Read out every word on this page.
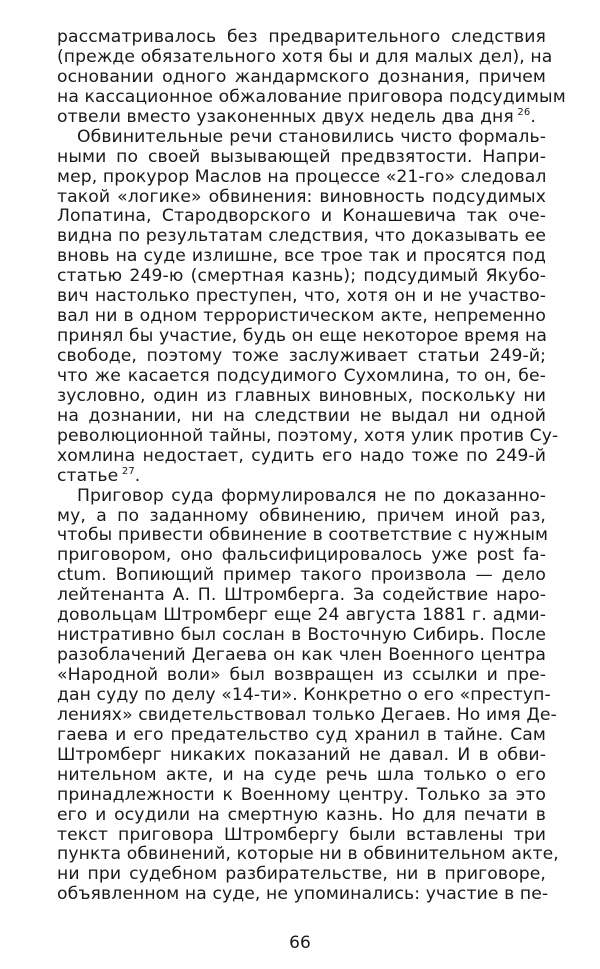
рассматривалось без предварительного следствия
(прежде обязательного хотя бы и для малых дел), на
основании одного жандармского дознания, причем
на кассационное обжалование приговора подсудимым
отвели вместо узаконенных двух недель два дня  $^{26}$.
Обвинительные речи становились чисто формаль-
ными по своей вызывающей предвзятости. Напри-
мер, прокурор Маслов на процессе «21-го» следовал
такой «логике» обвинения: виновность подсудимых
Лопатина, Стародворского и Конашевича так оче-
видна по результатам следствия, что доказывать ее
вновь на суде излишне, все трое так и просятся под
статью 249-ю (смертная казнь); подсудимый Якубо-
вич настолько преступен, что, хотя он и не участво-
вал ни в одном террористическом акте, непременно
принял бы участие, будь он еще некоторое время на
свободе, поэтому тоже заслуживает статьи 249-й;
что же касается подсудимого Сухомлина, то он, бе-
зусловно, один из главных виновных, поскольку ни
на дознании, ни на следствии не выдал ни одной
революционной тайны, поэтому, хотя улик против Су-
хомлина недостает, судить его надо тоже по 249-й
статье  $^{27}$.
Приговор суда формулировался не по доказанно-
му, а по заданному обвинению, причем иной раз,
чтобы привести обвинение в соответствие с нужным
приговором, оно фальсифицировалось уже post fa-
ctum. Вопиющий пример такого произвола — дело
лейтенанта А. П. Штромберга. За содействие наро-
довольцам Штромберг еще 24 августа 1881 г. адми-
нистративно был сослан в Восточную Сибирь. После
разоблачений Дегаева он как член Военного центра
«Народной воли» был возвращен из ссылки и пре-
дан суду по делу «14-ти». Конкретно о его «преступ-
лениях» свидетельствовал только Дегаев. Но имя Де-
гаева и его предательство суд хранил в тайне. Сам
Штромберг никаких показаний не давал. И в обви-
нительном акте, и на суде речь шла только о его
принадлежности к Военному центру. Только за это
его и осудили на смертную казнь. Но для печати в
текст приговора Штромбергу были вставлены три
пункта обвинений, которые ни в обвинительном акте,
ни при судебном разбирательстве, ни в приговоре,
объявленном на суде, не упоминались: участие в пе-
66
